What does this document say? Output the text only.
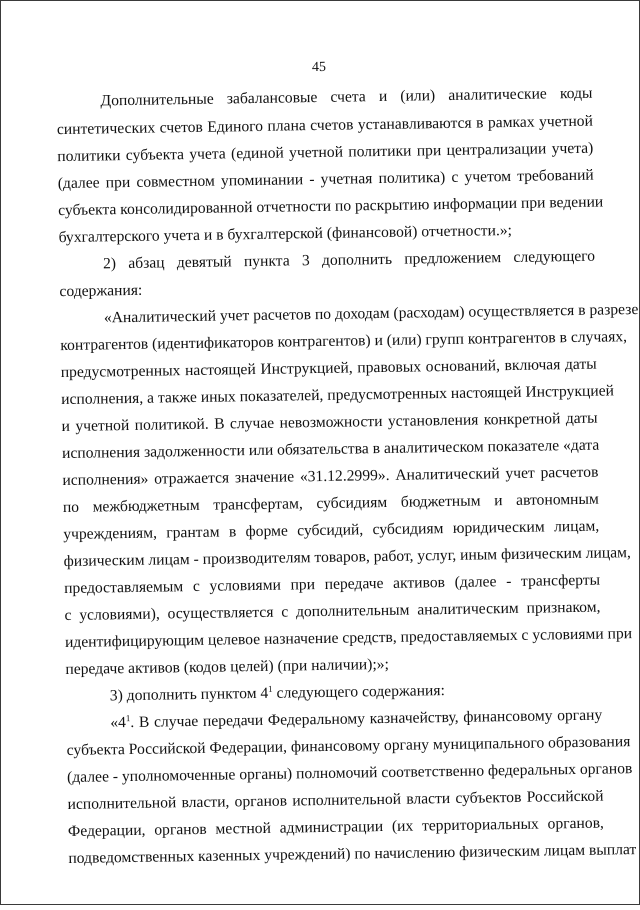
45
Дополнительные забалансовые счета и (или) аналитические коды
синтетических счетов Единого плана счетов устанавливаются в рамках учетной
политики субъекта учета (единой учетной политики при централизации учета)
(далее при совместном упоминании - учетная политика) с учетом требований
субъекта консолидированной отчетности по раскрытию информации при ведении
бухгалтерского учета и в бухгалтерской (финансовой) отчетности.»;
2) абзац девятый пункта 3 дополнить предложением следующего
содержания:
«Аналитический учет расчетов по доходам (расходам) осуществляется в разрезе
контрагентов (идентификаторов контрагентов) и (или) групп контрагентов в случаях,
предусмотренных настоящей Инструкцией, правовых оснований, включая даты
исполнения, а также иных показателей, предусмотренных настоящей Инструкцией
и учетной политикой. В случае невозможности установления конкретной даты
исполнения задолженности или обязательства в аналитическом показателе «дата
исполнения» отражается значение «31.12.2999». Аналитический учет расчетов
по межбюджетным трансфертам, субсидиям бюджетным и автономным
учреждениям, грантам в форме субсидий, субсидиям юридическим лицам,
физическим лицам - производителям товаров, работ, услуг, иным физическим лицам,
предоставляемым с условиями при передаче активов (далее - трансферты
с условиями), осуществляется с дополнительным аналитическим признаком,
идентифицирующим целевое назначение средств, предоставляемых с условиями при
передаче активов (кодов целей) (при наличии);»;
3) дополнить пунктом $4^1$ следующего содержания:
«$4^1$. В случае передачи Федеральному казначейству, финансовому органу
субъекта Российской Федерации, финансовому органу муниципального образования
(далее - уполномоченные органы) полномочий соответственно федеральных органов
исполнительной власти, органов исполнительной власти субъектов Российской
Федерации, органов местной администрации (их территориальных органов,
подведомственных казенных учреждений) по начислению физическим лицам выплат
